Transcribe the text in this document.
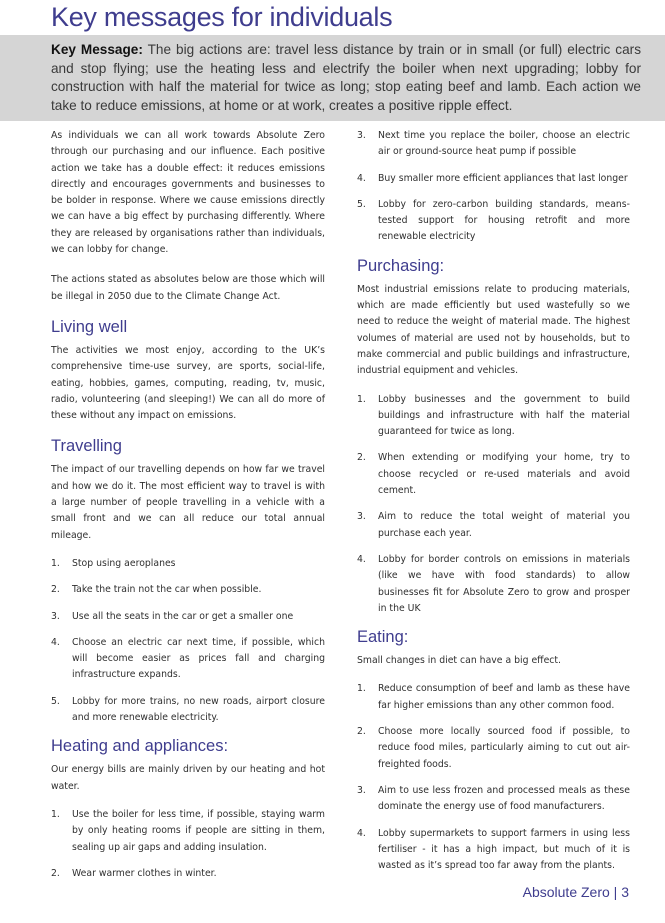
Key messages for individuals

Key Message: The big actions are: travel less distance by train or in small (or full) electric cars and stop flying; use the heating less and electrify the boiler when next upgrading; lobby for construction with half the material for twice as long; stop eating beef and lamb. Each action we take to reduce emissions, at home or at work, creates a positive ripple effect.

As individuals we can all work towards Absolute Zero through our purchasing and our influence. Each positive action we take has a double effect: it reduces emissions directly and encourages governments and businesses to be bolder in response. Where we cause emissions directly we can have a big effect by purchasing differently. Where they are released by organisations rather than individuals, we can lobby for change.

The actions stated as absolutes below are those which will be illegal in 2050 due to the Climate Change Act.

Living well

The activities we most enjoy, according to the UK’s comprehensive time-use survey, are sports, social-life, eating, hobbies, games, computing, reading, tv, music, radio, volunteering (and sleeping!) We can all do more of these without any impact on emissions.

Travelling

The impact of our travelling depends on how far we travel and how we do it. The most efficient way to travel is with a large number of people travelling in a vehicle with a small front and we can all reduce our total annual mileage.

1. Stop using aeroplanes
2. Take the train not the car when possible.
3. Use all the seats in the car or get a smaller one
4. Choose an electric car next time, if possible, which will become easier as prices fall and charging infrastructure expands.
5. Lobby for more trains, no new roads, airport closure and more renewable electricity.
Heating and appliances:

Our energy bills are mainly driven by our heating and hot water.

1. Use the boiler for less time, if possible, staying warm by only heating rooms if people are sitting in them, sealing up air gaps and adding insulation.
2. Wear warmer clothes in winter.
3. Next time you replace the boiler, choose an electric air or ground-source heat pump if possible
4. Buy smaller more efficient appliances that last longer
5. Lobby for zero-carbon building standards, means-tested support for housing retrofit and more renewable electricity
Purchasing:

Most industrial emissions relate to producing materials, which are made efficiently but used wastefully so we need to reduce the weight of material made. The highest volumes of material are used not by households, but to make commercial and public buildings and infrastructure, industrial equipment and vehicles.

1. Lobby businesses and the government to build buildings and infrastructure with half the material guaranteed for twice as long.
2. When extending or modifying your home, try to choose recycled or re-used materials and avoid cement.
3. Aim to reduce the total weight of material you purchase each year.
4. Lobby for border controls on emissions in materials (like we have with food standards) to allow businesses fit for Absolute Zero to grow and prosper in the UK
Eating:

Small changes in diet can have a big effect.

1. Reduce consumption of beef and lamb as these have far higher emissions than any other common food.
2. Choose more locally sourced food if possible, to reduce food miles, particularly aiming to cut out air-freighted foods.
3. Aim to use less frozen and processed meals as these dominate the energy use of food manufacturers.
4. Lobby supermarkets to support farmers in using less fertiliser - it has a high impact, but much of it is wasted as it’s spread too far away from the plants.
Absolute Zero | 3
